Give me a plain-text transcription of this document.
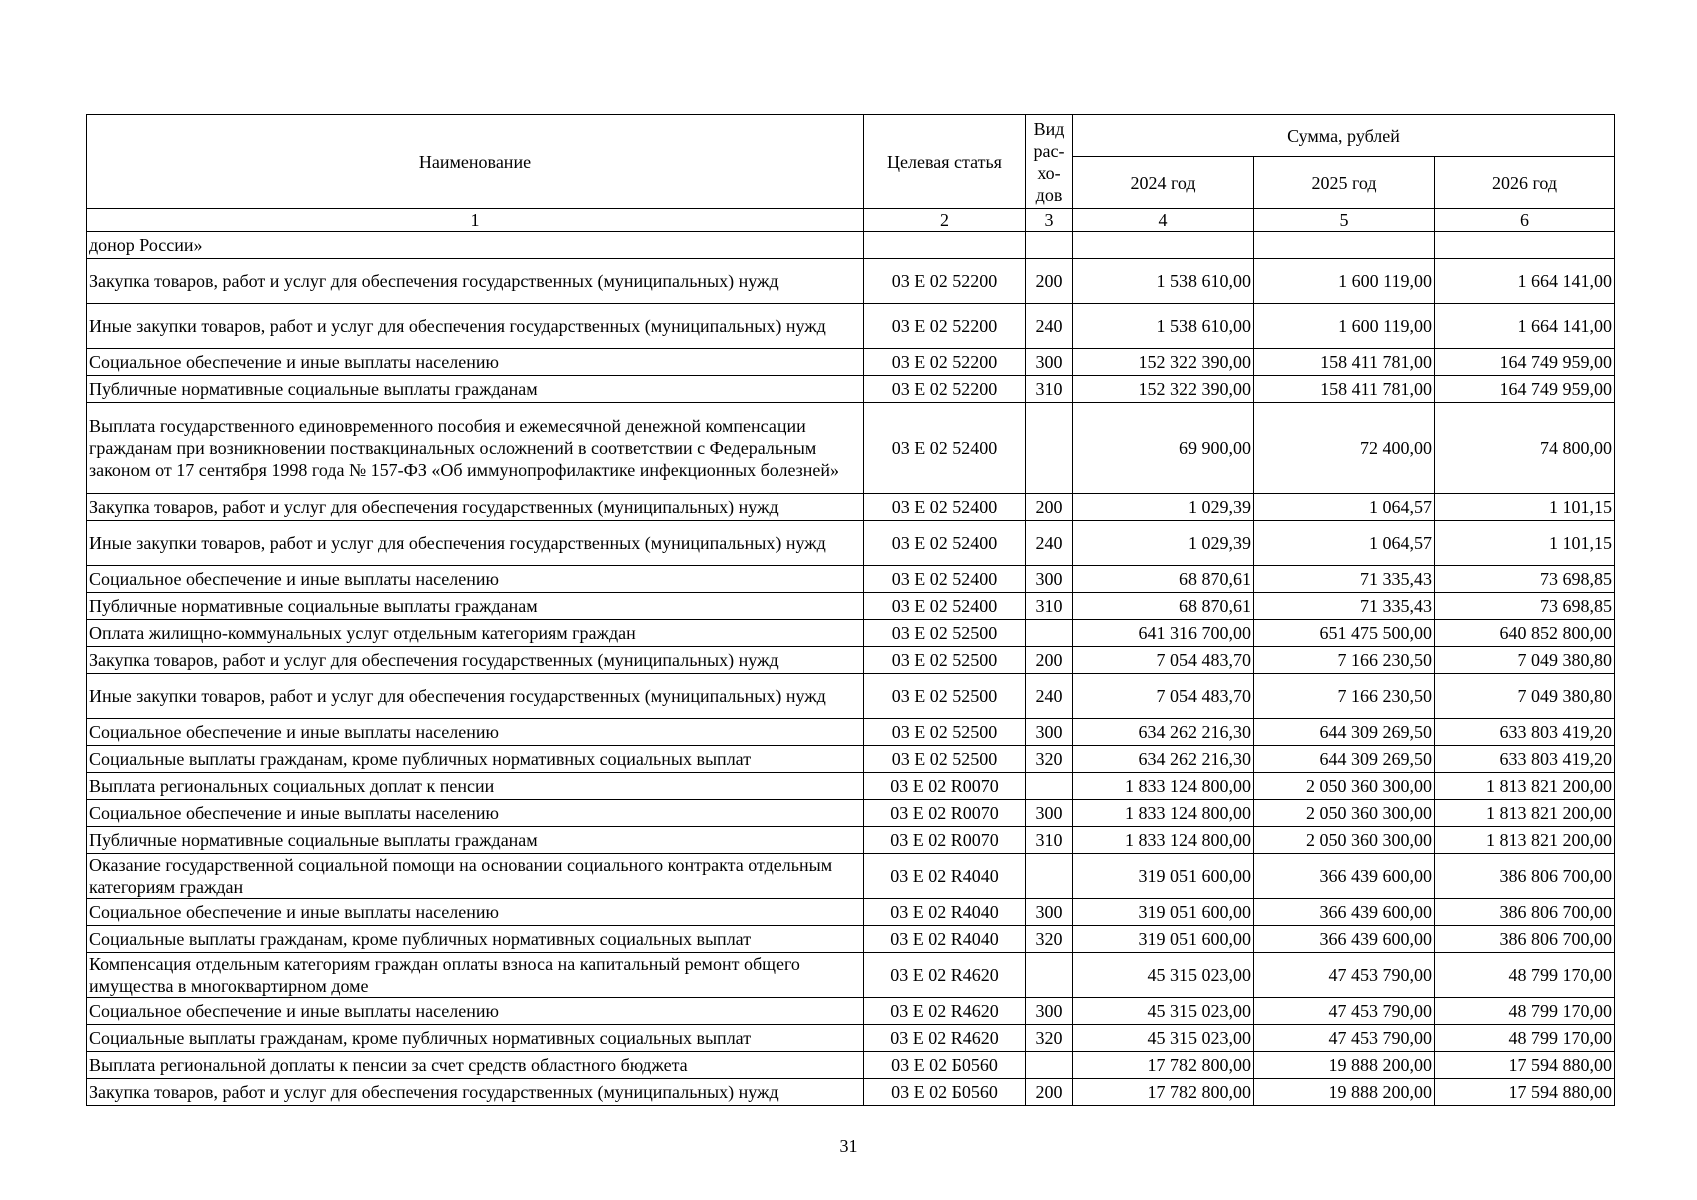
Наименование	Целевая статья	Вид рас-хо-дов	Сумма, рублей		
			2024 год	2025 год	2026 год
1	2	3	4	5	6
донор России»					
Закупка товаров, работ и услуг для обеспечения государственных (муниципальных) нужд	03 Е 02 52200	200	1 538 610,00	1 600 119,00	1 664 141,00
Иные закупки товаров, работ и услуг для обеспечения государственных (муниципальных) нужд	03 Е 02 52200	240	1 538 610,00	1 600 119,00	1 664 141,00
Социальное обеспечение и иные выплаты населению	03 Е 02 52200	300	152 322 390,00	158 411 781,00	164 749 959,00
Публичные нормативные социальные выплаты гражданам	03 Е 02 52200	310	152 322 390,00	158 411 781,00	164 749 959,00
Выплата государственного единовременного пособия и ежемесячной денежной компенсации гражданам при возникновении поствакцинальных осложнений в соответствии с Федеральным законом от 17 сентября 1998 года № 157-ФЗ «Об иммунопрофилактике инфекционных болезней»	03 Е 02 52400		69 900,00	72 400,00	74 800,00
Закупка товаров, работ и услуг для обеспечения государственных (муниципальных) нужд	03 Е 02 52400	200	1 029,39	1 064,57	1 101,15
Иные закупки товаров, работ и услуг для обеспечения государственных (муниципальных) нужд	03 Е 02 52400	240	1 029,39	1 064,57	1 101,15
Социальное обеспечение и иные выплаты населению	03 Е 02 52400	300	68 870,61	71 335,43	73 698,85
Публичные нормативные социальные выплаты гражданам	03 Е 02 52400	310	68 870,61	71 335,43	73 698,85
Оплата жилищно-коммунальных услуг отдельным категориям граждан	03 Е 02 52500		641 316 700,00	651 475 500,00	640 852 800,00
Закупка товаров, работ и услуг для обеспечения государственных (муниципальных) нужд	03 Е 02 52500	200	7 054 483,70	7 166 230,50	7 049 380,80
Иные закупки товаров, работ и услуг для обеспечения государственных (муниципальных) нужд	03 Е 02 52500	240	7 054 483,70	7 166 230,50	7 049 380,80
Социальное обеспечение и иные выплаты населению	03 Е 02 52500	300	634 262 216,30	644 309 269,50	633 803 419,20
Социальные выплаты гражданам, кроме публичных нормативных социальных выплат	03 Е 02 52500	320	634 262 216,30	644 309 269,50	633 803 419,20
Выплата региональных социальных доплат к пенсии	03 Е 02 R0070		1 833 124 800,00	2 050 360 300,00	1 813 821 200,00
Социальное обеспечение и иные выплаты населению	03 Е 02 R0070	300	1 833 124 800,00	2 050 360 300,00	1 813 821 200,00
Публичные нормативные социальные выплаты гражданам	03 Е 02 R0070	310	1 833 124 800,00	2 050 360 300,00	1 813 821 200,00
Оказание государственной социальной помощи на основании социального контракта отдельным категориям граждан	03 Е 02 R4040		319 051 600,00	366 439 600,00	386 806 700,00
Социальное обеспечение и иные выплаты населению	03 Е 02 R4040	300	319 051 600,00	366 439 600,00	386 806 700,00
Социальные выплаты гражданам, кроме публичных нормативных социальных выплат	03 Е 02 R4040	320	319 051 600,00	366 439 600,00	386 806 700,00
Компенсация отдельным категориям граждан оплаты взноса на капитальный ремонт общего имущества в многоквартирном доме	03 Е 02 R4620		45 315 023,00	47 453 790,00	48 799 170,00
Социальное обеспечение и иные выплаты населению	03 Е 02 R4620	300	45 315 023,00	47 453 790,00	48 799 170,00
Социальные выплаты гражданам, кроме публичных нормативных социальных выплат	03 Е 02 R4620	320	45 315 023,00	47 453 790,00	48 799 170,00
Выплата региональной доплаты к пенсии за счет средств областного бюджета	03 Е 02 Б0560		17 782 800,00	19 888 200,00	17 594 880,00
Закупка товаров, работ и услуг для обеспечения государственных (муниципальных) нужд	03 Е 02 Б0560	200	17 782 800,00	19 888 200,00	17 594 880,00
31
